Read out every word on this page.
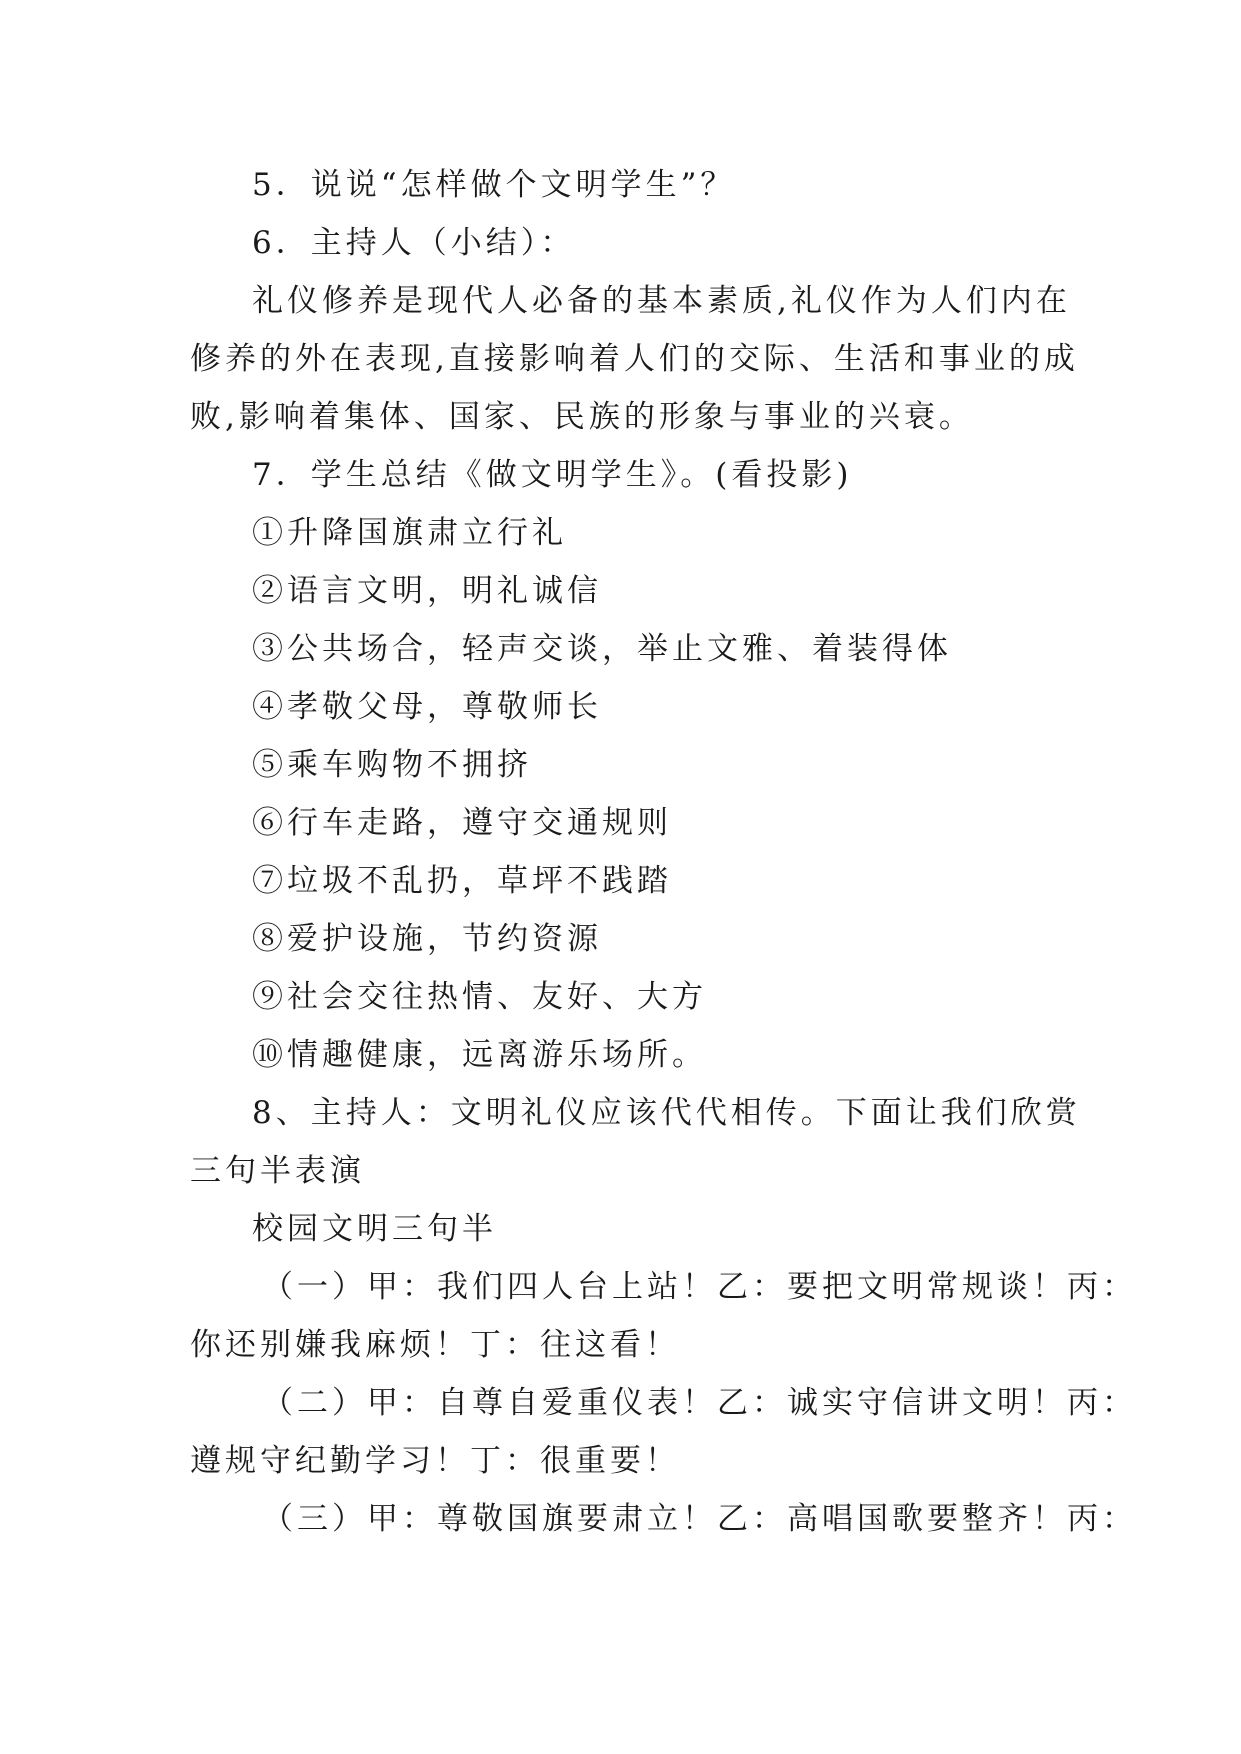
5．说说“怎样做个文明学生”？
6．主持人（小结）：
礼仪修养是现代人必备的基本素质,礼仪作为人们内在
修养的外在表现,直接影响着人们的交际、生活和事业的成
败,影响着集体、国家、民族的形象与事业的兴衰。
7．学生总结《做文明学生》。(看投影)
①升降国旗肃立行礼
②语言文明，明礼诚信
③公共场合，轻声交谈，举止文雅、着装得体
④孝敬父母，尊敬师长
⑤乘车购物不拥挤
⑥行车走路，遵守交通规则
⑦垃圾不乱扔，草坪不践踏
⑧爱护设施，节约资源
⑨社会交往热情、友好、大方
⑩情趣健康，远离游乐场所。
8、主持人：文明礼仪应该代代相传。下面让我们欣赏
三句半表演
校园文明三句半
（一）甲：我们四人台上站！乙：要把文明常规谈！丙：
你还别嫌我麻烦！丁：往这看！
（二）甲：自尊自爱重仪表！乙：诚实守信讲文明！丙：
遵规守纪勤学习！丁：很重要！
（三）甲：尊敬国旗要肃立！乙：高唱国歌要整齐！丙：
